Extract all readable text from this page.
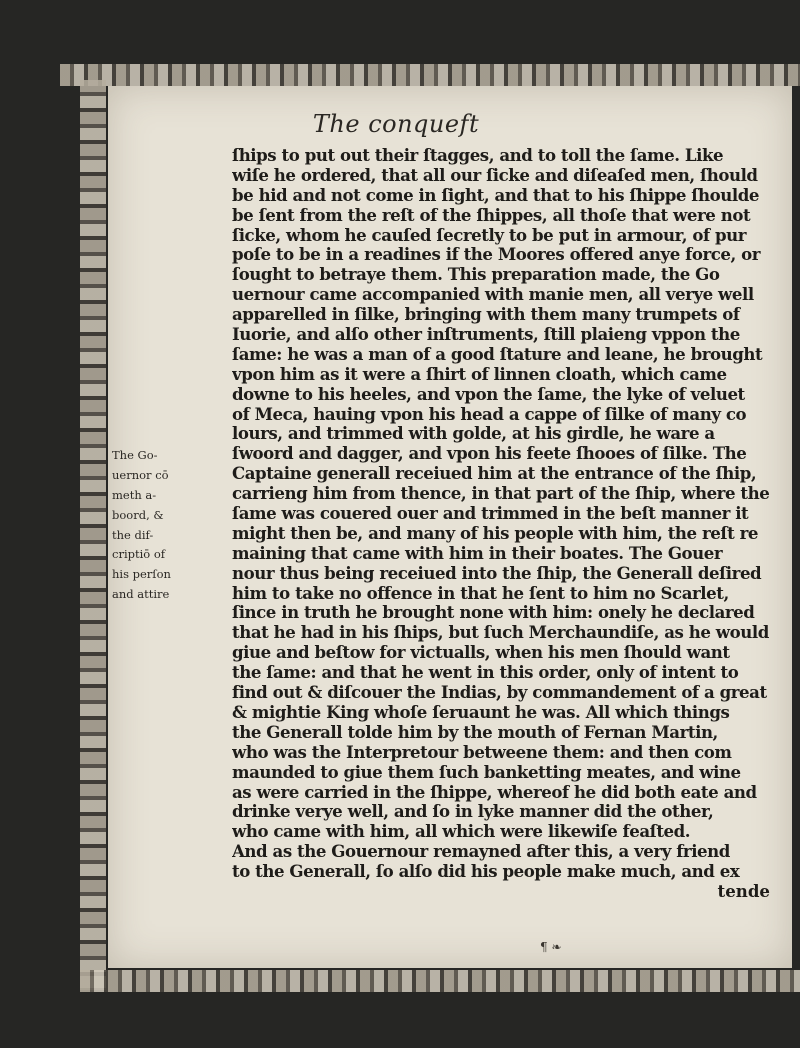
The conqueft
ſhips to put out their ſtagges, and to toll the ſame. Like
wiſe he ordered, that all our ſicke and diſeaſed men, ſhould
be hid and not come in ſight, and that to his ſhippe ſhoulde
be ſent from the reſt of the ſhippes, all thoſe that were not
ſicke, whom he cauſed ſecretly to be put in armour, of pur
poſe to be in a readines if the Moores offered anye force, or
ſought to betraye them. This preparation made, the Go
uernour came accompanied with manie men, all verye well
apparelled in ſilke, bringing with them many trumpets of
Iuorie, and alſo other inſtruments, ſtill plaieng vppon the
ſame: he was a man of a good ſtature and leane, he brought
vpon him as it were a ſhirt of linnen cloath, which came
downe to his heeles, and vpon the ſame, the lyke of veluet
of Meca, hauing vpon his head a cappe of ſilke of many co
lours, and trimmed with golde, at his girdle, he ware a
ſwoord and dagger, and vpon his feete ſhooes of ſilke. The
Captaine generall receiued him at the entrance of the ſhip,
carrieng him from thence, in that part of the ſhip, where the
ſame was couered ouer and trimmed in the beſt manner it
might then be, and many of his people with him, the reſt re
maining that came with him in their boates. The Gouer
nour thus being receiued into the ſhip, the Generall deſired
him to take no offence in that he ſent to him no Scarlet,
ſince in truth he brought none with him: onely he declared
that he had in his ſhips, but ſuch Merchaundiſe, as he would
giue and beſtow for victualls, when his men ſhould want
the ſame: and that he went in this order, only of intent to
find out & diſcouer the Indias, by commandement of a great
& mightie King whoſe ſeruaunt he was. All which things
the Generall tolde him by the mouth of Fernan Martin,
who was the Interpretour betweene them: and then com
maunded to giue them ſuch banketting meates, and wine
as were carried in the ſhippe, whereof he did both eate and
drinke verye well, and ſo in lyke manner did the other,
who came with him, all which were likewiſe feaſted.
And as the Gouernour remayned after this, a very friend
to the Generall, ſo alſo did his people make much, and ex
The Go-
uernor cō
meth a-
boord, &
the dif-
criptiō of
his perſon
and attire
tende
¶ ❧
